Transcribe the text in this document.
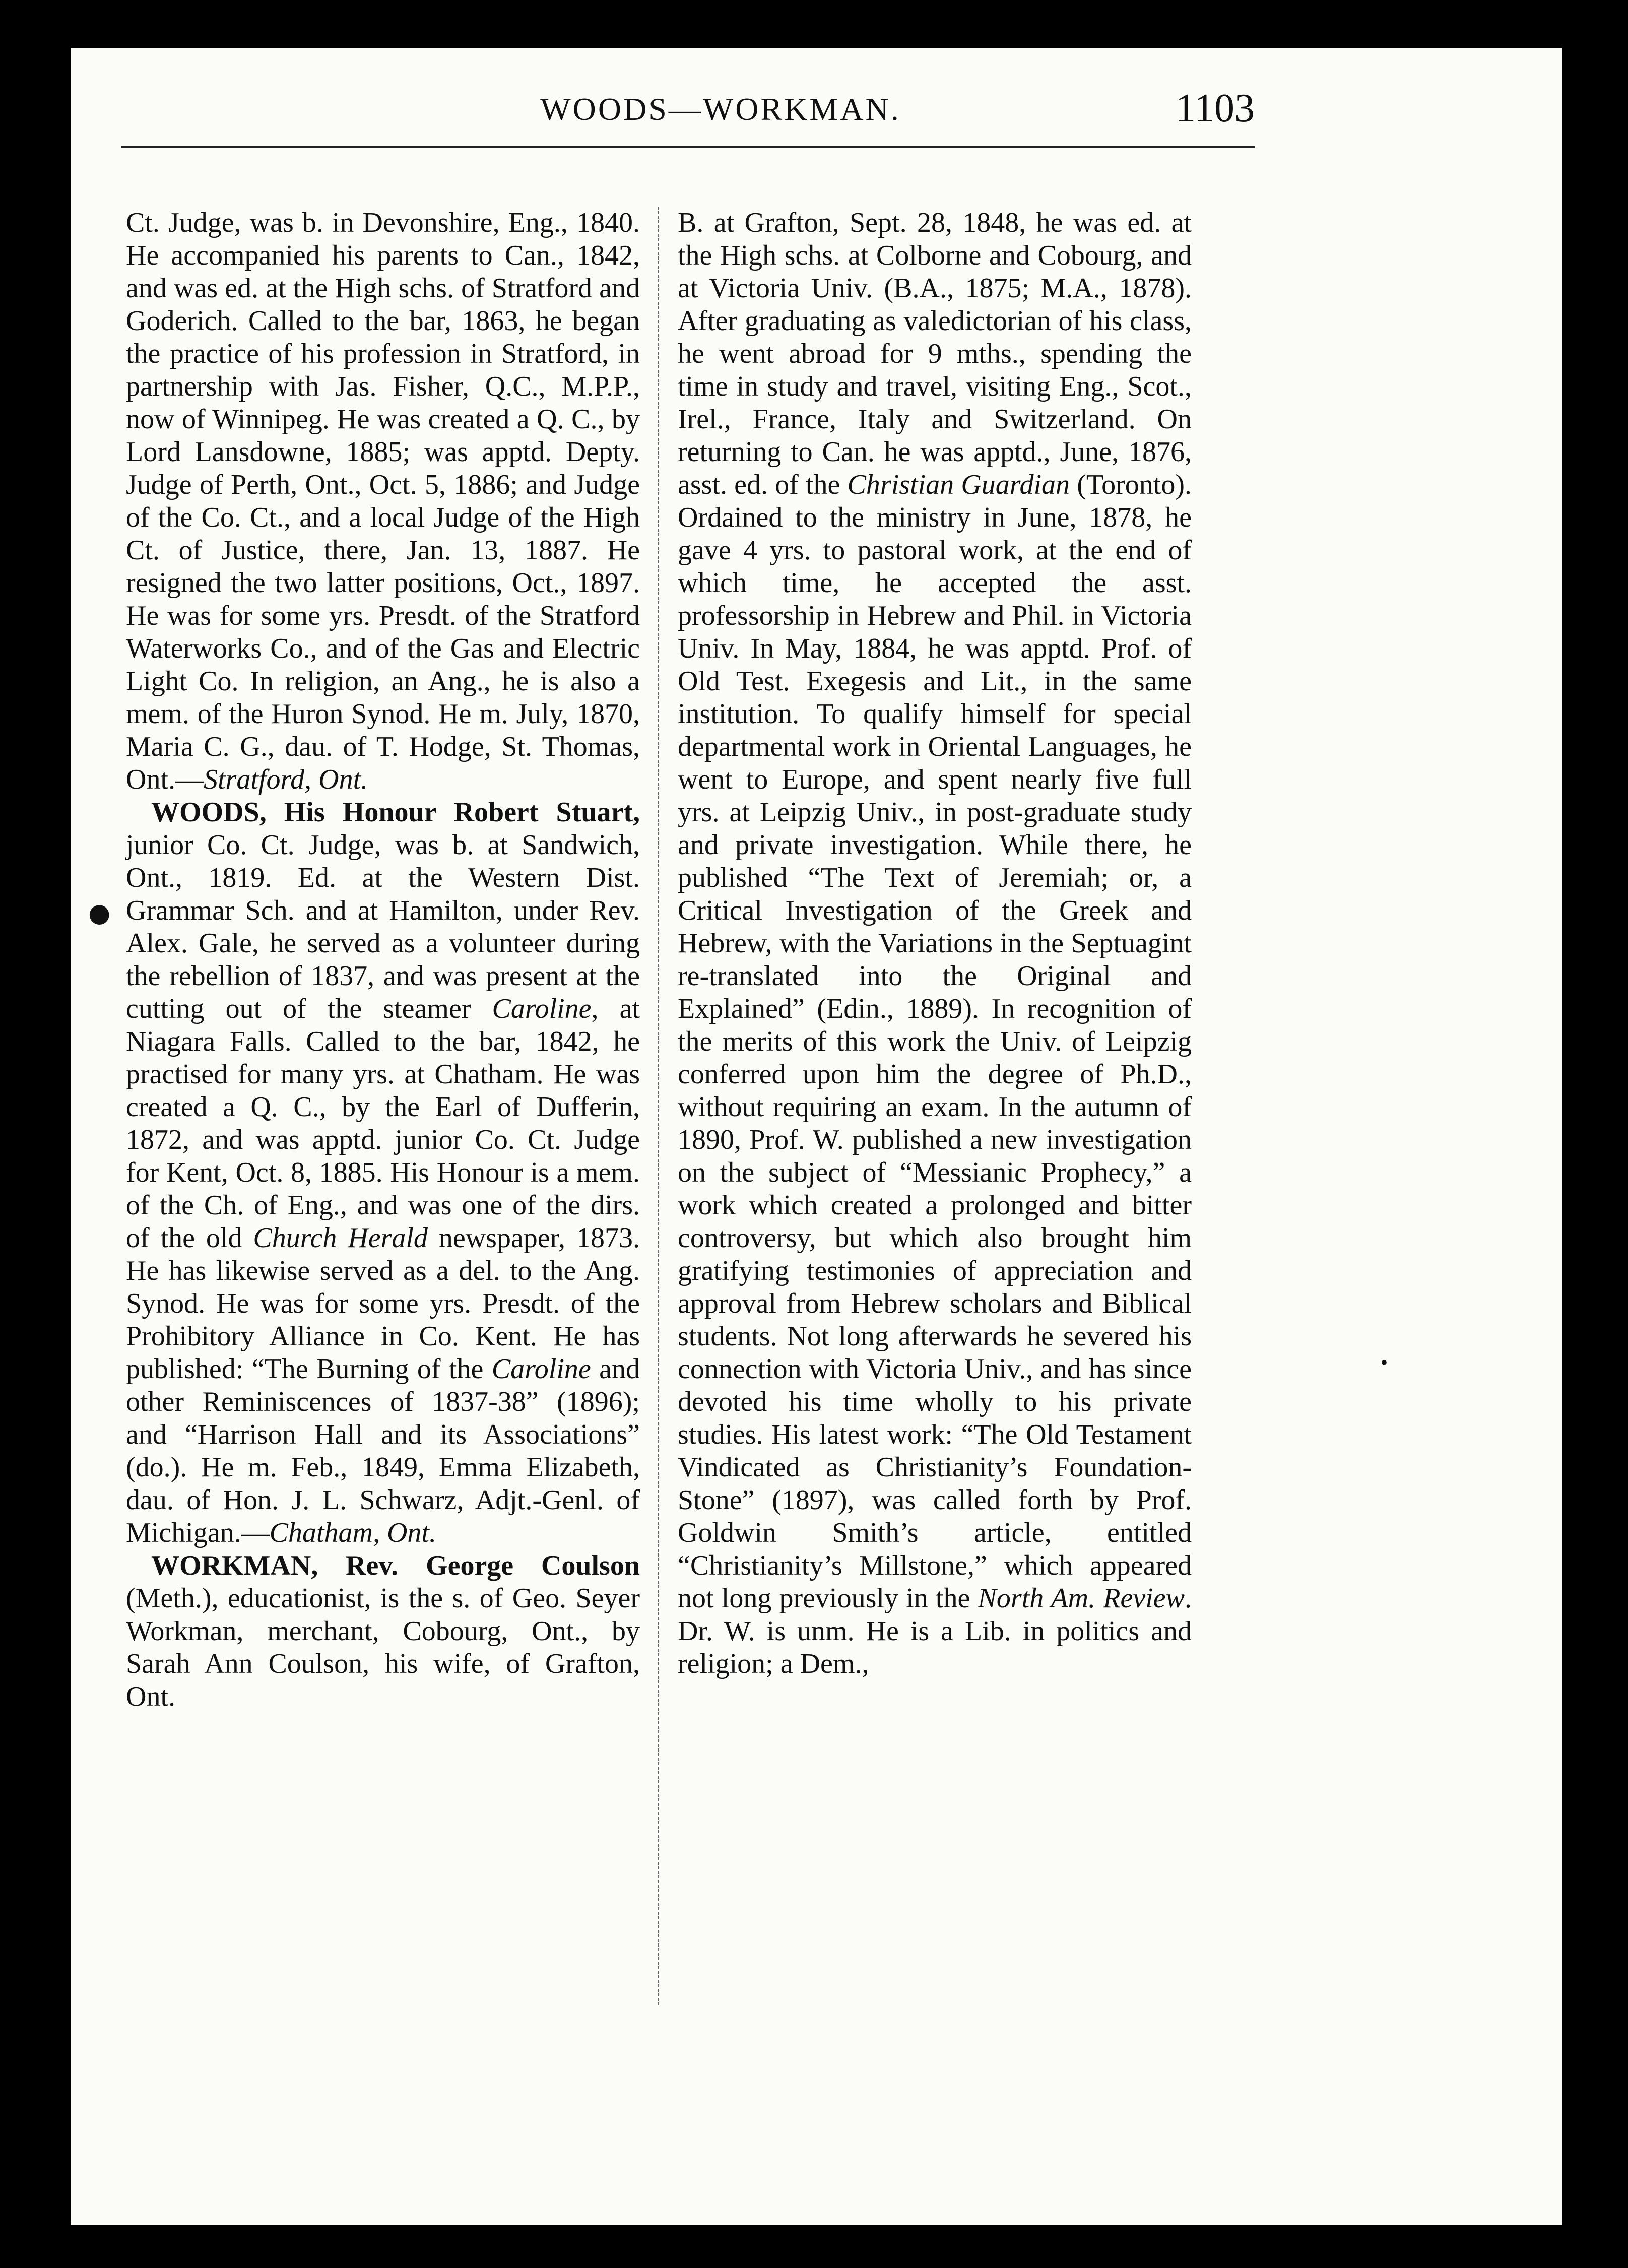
WOODS—WORKMAN.	1103

Ct. Judge, was b. in Devonshire, Eng., 1840. He accompanied his parents to Can., 1842, and was ed. at the High schs. of Stratford and Goderich. Called to the bar, 1863, he began the practice of his profession in Stratford, in partnership with Jas. Fisher, Q.C., M.P.P., now of Winnipeg. He was created a Q. C., by Lord Lansdowne, 1885; was apptd. Depty. Judge of Perth, Ont., Oct. 5, 1886; and Judge of the Co. Ct., and a local Judge of the High Ct. of Justice, there, Jan. 13, 1887. He resigned the two latter positions, Oct., 1897. He was for some yrs. Presdt. of the Stratford Waterworks Co., and of the Gas and Electric Light Co. In religion, an Ang., he is also a mem. of the Huron Synod. He m. July, 1870, Maria C. G., dau. of T. Hodge, St. Thomas, Ont.—Stratford, Ont.

WOODS, His Honour Robert Stuart, junior Co. Ct. Judge, was b. at Sandwich, Ont., 1819. Ed. at the Western Dist. Grammar Sch. and at Hamilton, under Rev. Alex. Gale, he served as a volunteer during the rebellion of 1837, and was present at the cutting out of the steamer Caroline, at Niagara Falls. Called to the bar, 1842, he practised for many yrs. at Chatham. He was created a Q. C., by the Earl of Dufferin, 1872, and was apptd. junior Co. Ct. Judge for Kent, Oct. 8, 1885. His Honour is a mem. of the Ch. of Eng., and was one of the dirs. of the old Church Herald newspaper, 1873. He has likewise served as a del. to the Ang. Synod. He was for some yrs. Presdt. of the Prohibitory Alliance in Co. Kent. He has published: “The Burning of the Caroline and other Reminiscences of 1837-38” (1896); and “Harrison Hall and its Associations” (do.). He m. Feb., 1849, Emma Elizabeth, dau. of Hon. J. L. Schwarz, Adjt.-Genl. of Michigan.—Chatham, Ont.

WORKMAN, Rev. George Coulson (Meth.), educationist, is the s. of Geo. Seyer Workman, merchant, Cobourg, Ont., by Sarah Ann Coulson, his wife, of Grafton, Ont.

B. at Grafton, Sept. 28, 1848, he was ed. at the High schs. at Colborne and Cobourg, and at Victoria Univ. (B.A., 1875; M.A., 1878). After graduating as valedictorian of his class, he went abroad for 9 mths., spending the time in study and travel, visiting Eng., Scot., Irel., France, Italy and Switzerland. On returning to Can. he was apptd., June, 1876, asst. ed. of the Christian Guardian (Toronto). Ordained to the ministry in June, 1878, he gave 4 yrs. to pastoral work, at the end of which time, he accepted the asst. professorship in Hebrew and Phil. in Victoria Univ. In May, 1884, he was apptd. Prof. of Old Test. Exegesis and Lit., in the same institution. To qualify himself for special departmental work in Oriental Languages, he went to Europe, and spent nearly five full yrs. at Leipzig Univ., in post-graduate study and private investigation. While there, he published “The Text of Jeremiah; or, a Critical Investigation of the Greek and Hebrew, with the Variations in the Septuagint re-translated into the Original and Explained” (Edin., 1889). In recognition of the merits of this work the Univ. of Leipzig conferred upon him the degree of Ph.D., without requiring an exam. In the autumn of 1890, Prof. W. published a new investigation on the subject of “Messianic Prophecy,” a work which created a prolonged and bitter controversy, but which also brought him gratifying testimonies of appreciation and approval from Hebrew scholars and Biblical students. Not long afterwards he severed his connection with Victoria Univ., and has since devoted his time wholly to his private studies. His latest work: “The Old Testament Vindicated as Christianity’s Foundation-Stone” (1897), was called forth by Prof. Goldwin Smith’s article, entitled “Christianity’s Millstone,” which appeared not long previously in the North Am. Review. Dr. W. is unm. He is a Lib. in politics and religion; a Dem.,

●
•
